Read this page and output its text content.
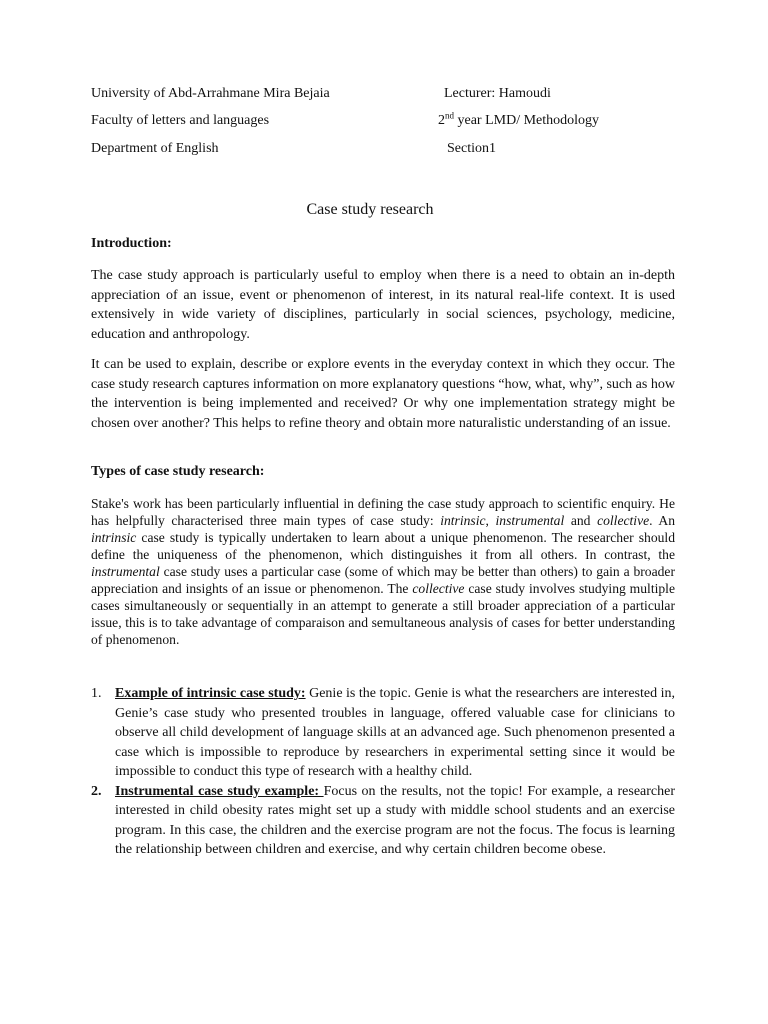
University of Abd-Arrahmane Mira Bejaia	Lecturer: Hamoudi
Faculty of letters and languages	2nd year LMD/ Methodology
Department of English	Section1
Case study research
Introduction:

The case study approach is particularly useful to employ when there is a need to obtain an in-depth appreciation of an issue, event or phenomenon of interest, in its natural real-life context. It is used extensively in wide variety of disciplines, particularly in social sciences, psychology, medicine, education and anthropology.

It can be used to explain, describe or explore events in the everyday context in which they occur. The case study research captures information on more explanatory questions “how, what, why”, such as how the intervention is being implemented and received? Or why one implementation strategy might be chosen over another? This helps to refine theory and obtain more naturalistic understanding of an issue.

Types of case study research:

Stake's work has been particularly influential in defining the case study approach to scientific enquiry. He has helpfully characterised three main types of case study: intrinsic, instrumental and collective. An intrinsic case study is typically undertaken to learn about a unique phenomenon. The researcher should define the uniqueness of the phenomenon, which distinguishes it from all others. In contrast, the instrumental case study uses a particular case (some of which may be better than others) to gain a broader appreciation and insights of an issue or phenomenon. The collective case study involves studying multiple cases simultaneously or sequentially in an attempt to generate a still broader appreciation of a particular issue, this is to take advantage of comparaison and semultaneous analysis of cases for better understanding of phenomenon.

1. Example of intrinsic case study: Genie is the topic. Genie is what the researchers are interested in, Genie’s case study who presented troubles in language, offered valuable case for clinicians to observe all child development of language skills at an advanced age. Such phenomenon presented a case which is impossible to reproduce by researchers in experimental setting since it would be impossible to conduct this type of research with a healthy child.
2. Instrumental case study example: Focus on the results, not the topic! For example, a researcher interested in child obesity rates might set up a study with middle school students and an exercise program. In this case, the children and the exercise program are not the focus. The focus is learning the relationship between children and exercise, and why certain children become obese.
